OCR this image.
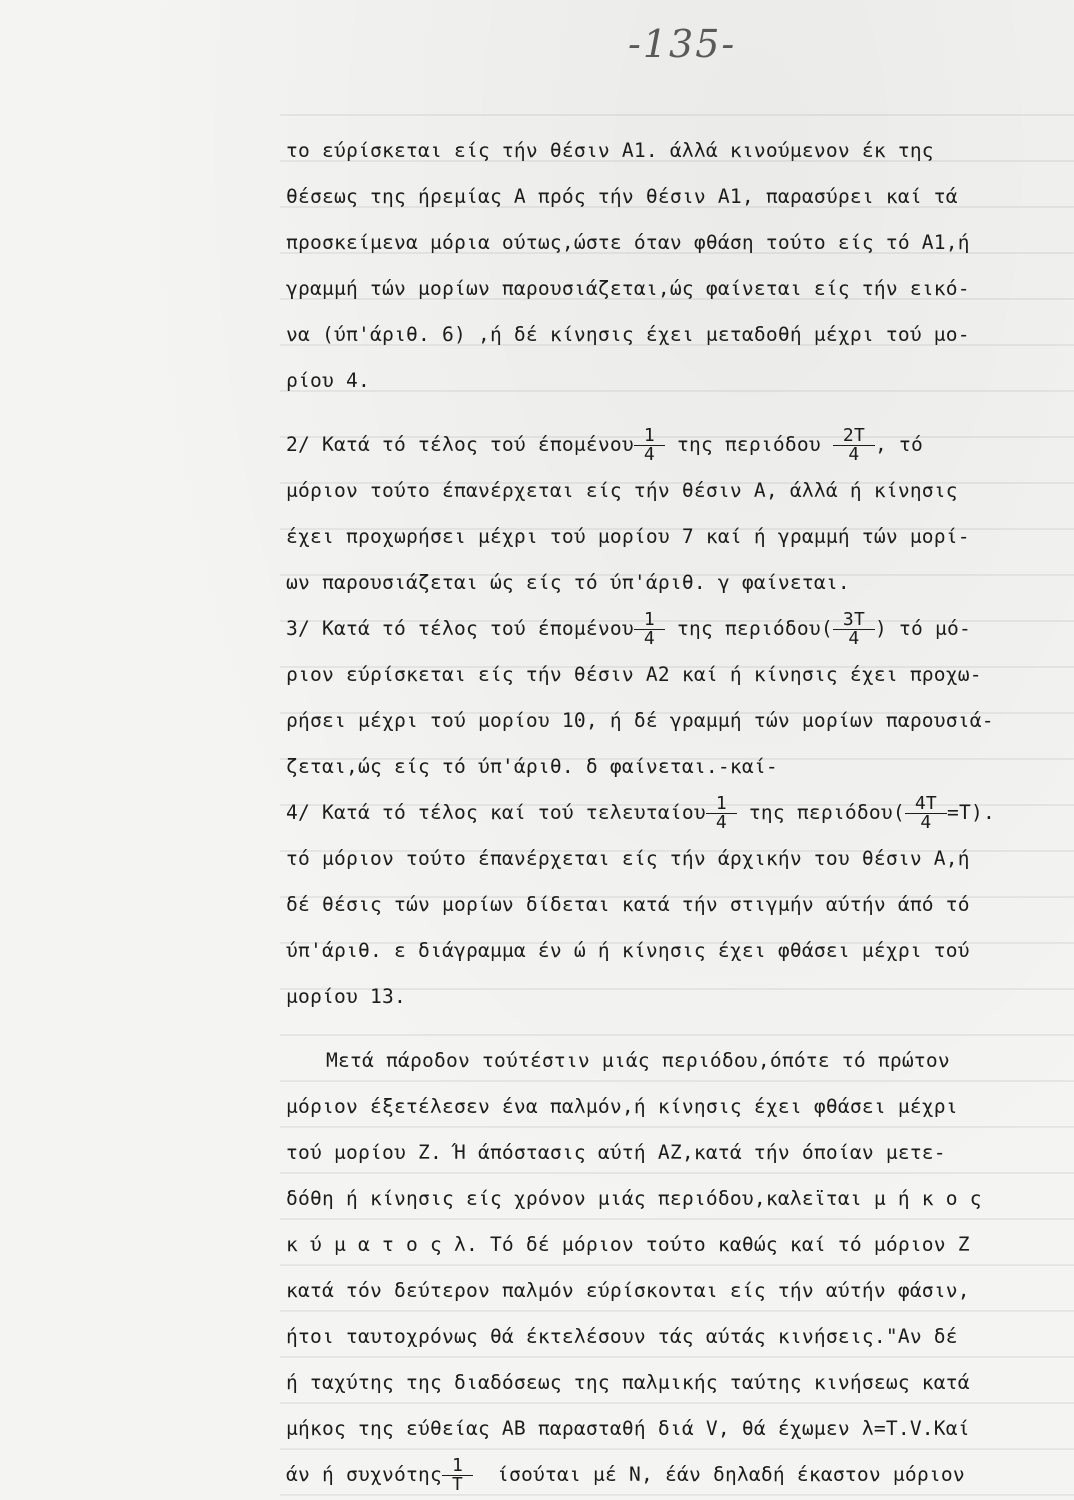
-135-
το εύρίσκεται είς τήν θέσιν Α1. άλλά κινούμενον έκ της
θέσεως της ήρεμίας Α πρός τήν θέσιν Α1, παρασύρει καί τά
προσκείμενα μόρια ούτως,ώστε όταν φθάση τούτο είς τό Α1,ή
γραμμή τών μορίων παρουσιάζεται,ώς φαίνεται είς τήν εικό-
να (ύπ'άριθ. 6) ,ή δέ κίνησις έχει μεταδοθή μέχρι τού μο-
ρίου 4.
2/ Κατά τό τέλος τού έπομένου $\frac{1}{4}$ της περιόδου $\frac{2T}{4}$ , τό
μόριον τούτο έπανέρχεται είς τήν θέσιν Α, άλλά ή κίνησις
έχει προχωρήσει μέχρι τού μορίου 7 καί ή γραμμή τών μορί-
ων παρουσιάζεται ώς είς τό ύπ'άριθ. γ φαίνεται.
3/ Κατά τό τέλος τού έπομένου $\frac{1}{4}$ της $\pi\varepsilon\rho\iota ό\delta o\upsilon( \frac{3T}{4}$ ) τό μό-
ριον εύρίσκεται είς τήν θέσιν Α2 καί ή κίνησις έχει προχω-
ρήσει μέχρι τού μορίου 10, ή δέ γραμμή τών μορίων παρουσιά-
ζεται,ώς είς τό ύπ'άριθ. δ φαίνεται.-καί-
4/ Κατά τό τέλος καί τού τελευταίου $\frac{1}{4}$ της $\pi\varepsilon\rho\iota ό\delta o\upsilon( \frac{4T}{4} =T)$.
τό μόριον τούτο έπανέρχεται είς τήν άρχικήν του θέσιν Α,ή
δέ θέσις τών μορίων δίδεται κατά τήν στιγμήν αύτήν άπό τό
ύπ'άριθ. ε διάγραμμα έν ώ ή κίνησις έχει φθάσει μέχρι τού
μορίου 13.
Μετά πάροδον τούτέστιν μιάς περιόδου,όπότε τό πρώτον
μόριον έξετέλεσεν ένα παλμόν,ή κίνησις έχει φθάσει μέχρι
τού μορίου Ζ. Ή άπόστασις αύτή ΑΖ,κατά τήν όποίαν μετε-
δόθη ή κίνησις είς χρόνον μιάς περιόδου,καλεϊται μ ή κ ο ς
κ ύ μ α τ ο ς λ. Τό δέ μόριον τούτο καθώς καί τό μόριον Ζ
κατά τόν δεύτερον παλμόν εύρίσκονται είς τήν αύτήν φάσιν,
ήτοι ταυτοχρόνως θά έκτελέσουν τάς αύτάς κινήσεις."Αν δέ
ή ταχύτης της διαδόσεως της παλμικής ταύτης κινήσεως κατά
μήκος της εύθείας ΑΒ παρασταθή διά V, θά έχωμεν λ=T.V.Καί
άν ή συχνότης $\frac{1}{T}$ ίσούται μέ Ν, έάν δηλαδή έκαστον μόριον
